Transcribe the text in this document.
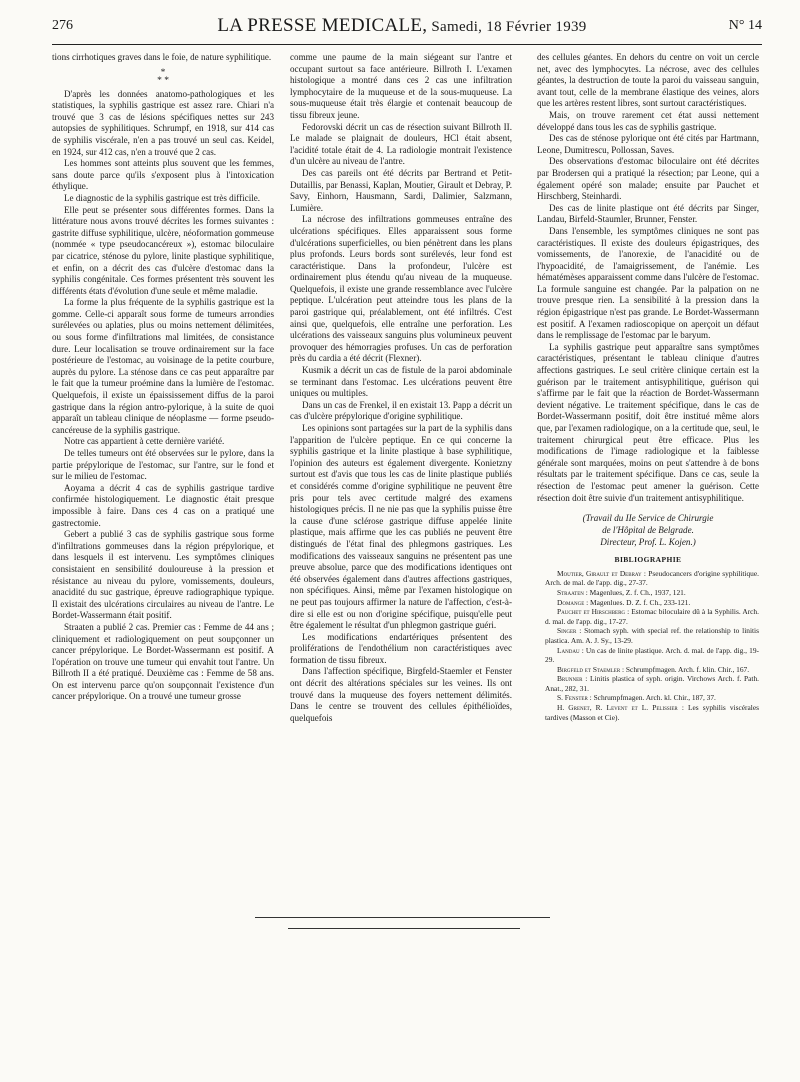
276	LA PRESSE MEDICALE, Samedi, 18 Février 1939	N° 14

tions cirrhotiques graves dans le foie, de nature syphilitique.

*
* *

D'après les données anatomo-pathologiques et les statistiques, la syphilis gastrique est assez rare. Chiari n'a trouvé que 3 cas de lésions spécifiques nettes sur 243 autopsies de syphilitiques. Schrumpf, en 1918, sur 414 cas de syphilis viscérale, n'en a pas trouvé un seul cas. Keidel, en 1924, sur 412 cas, n'en a trouvé que 2 cas.

Les hommes sont atteints plus souvent que les femmes, sans doute parce qu'ils s'exposent plus à l'intoxication éthylique.

Le diagnostic de la syphilis gastrique est très difficile.

Elle peut se présenter sous différentes formes. Dans la littérature nous avons trouvé décrites les formes suivantes : gastrite diffuse syphilitique, ulcère, néoformation gommeuse (nommée « type pseudocancéreux »), estomac biloculaire par cicatrice, sténose du pylore, linite plastique syphilitique, et enfin, on a décrit des cas d'ulcère d'estomac dans la syphilis congénitale. Ces formes présentent très souvent les différents états d'évolution d'une seule et même maladie.

La forme la plus fréquente de la syphilis gastrique est la gomme. Celle-ci apparaît sous forme de tumeurs arrondies surélevées ou aplaties, plus ou moins nettement délimitées, ou sous forme d'infiltrations mal limitées, de consistance dure. Leur localisation se trouve ordinairement sur la face postérieure de l'estomac, au voisinage de la petite courbure, auprès du pylore. La sténose dans ce cas peut apparaître par le fait que la tumeur proémine dans la lumière de l'estomac. Quelquefois, il existe un épaississement diffus de la paroi gastrique dans la région antro-pylorique, à la suite de quoi apparaît un tableau clinique de néoplasme — forme pseudo-cancéreuse de la syphilis gastrique.

Notre cas appartient à cette dernière variété.

De telles tumeurs ont été observées sur le pylore, dans la partie prépylorique de l'estomac, sur l'antre, sur le fond et sur le milieu de l'estomac.

Aoyama a décrit 4 cas de syphilis gastrique tardive confirmée histologiquement. Le diagnostic était presque impossible à faire. Dans ces 4 cas on a pratiqué une gastrectomie.

Gebert a publié 3 cas de syphilis gastrique sous forme d'infiltrations gommeuses dans la région prépylorique, et dans lesquels il est intervenu. Les symptômes cliniques consistaient en sensibilité douloureuse à la pression et résistance au niveau du pylore, vomissements, douleurs, anacidité du suc gastrique, épreuve radiographique typique. Il existait des ulcérations circulaires au niveau de l'antre. Le Bordet-Wassermann était positif.

Straaten a publié 2 cas. Premier cas : Femme de 44 ans ; cliniquement et radiologiquement on peut soupçonner un cancer prépylorique. Le Bordet-Wassermann est positif. A l'opération on trouve une tumeur qui envahit tout l'antre. Un Billroth II a été pratiqué. Deuxième cas : Femme de 58 ans. On est intervenu parce qu'on soupçonnait l'existence d'un cancer prépylorique. On a trouvé une tumeur grosse

comme une paume de la main siégeant sur l'antre et occupant surtout sa face antérieure. Billroth I. L'examen histologique a montré dans ces 2 cas une infiltration lymphocytaire de la muqueuse et de la sous-muqueuse. La sous-muqueuse était très élargie et contenait beaucoup de tissu fibreux jeune.

Fedorovski décrit un cas de résection suivant Billroth II. Le malade se plaignait de douleurs, HCl était absent, l'acidité totale était de 4. La radiologie montrait l'existence d'un ulcère au niveau de l'antre.

Des cas pareils ont été décrits par Bertrand et Petit-Dutaillis, par Benassi, Kaplan, Moutier, Girault et Debray, P. Savy, Einhorn, Hausmann, Sardi, Dalimier, Salzmann, Lumière.

La nécrose des infiltrations gommeuses entraîne des ulcérations spécifiques. Elles apparaissent sous forme d'ulcérations superficielles, ou bien pénètrent dans les plans plus profonds. Leurs bords sont surélevés, leur fond est caractéristique. Dans la profondeur, l'ulcère est ordinairement plus étendu qu'au niveau de la muqueuse. Quelquefois, il existe une grande ressemblance avec l'ulcère peptique. L'ulcération peut atteindre tous les plans de la paroi gastrique qui, préalablement, ont été infiltrés. C'est ainsi que, quelquefois, elle entraîne une perforation. Les ulcérations des vaisseaux sanguins plus volumineux peuvent provoquer des hémorragies profuses. Un cas de perforation près du cardia a été décrit (Flexner).

Kusmik a décrit un cas de fistule de la paroi abdominale se terminant dans l'estomac. Les ulcérations peuvent être uniques ou multiples.

Dans un cas de Frenkel, il en existait 13. Papp a décrit un cas d'ulcère prépylorique d'origine syphilitique.

Les opinions sont partagées sur la part de la syphilis dans l'apparition de l'ulcère peptique. En ce qui concerne la syphilis gastrique et la linite plastique à base syphilitique, l'opinion des auteurs est également divergente. Konietzny surtout est d'avis que tous les cas de linite plastique publiés et considérés comme d'origine syphilitique ne peuvent être pris pour tels avec certitude malgré des examens histologiques précis. Il ne nie pas que la syphilis puisse être la cause d'une sclérose gastrique diffuse appelée linite plastique, mais affirme que les cas publiés ne peuvent être distingués de l'état final des phlegmons gastriques. Les modifications des vaisseaux sanguins ne présentent pas une preuve absolue, parce que des modifications identiques ont été observées également dans d'autres affections gastriques, non spécifiques. Ainsi, même par l'examen histologique on ne peut pas toujours affirmer la nature de l'affection, c'est-à-dire si elle est ou non d'origine spécifique, puisqu'elle peut être également le résultat d'un phlegmon gastrique guéri.

Les modifications endartériques présentent des proliférations de l'endothélium non caractéristiques avec formation de tissu fibreux.

Dans l'affection spécifique, Birgfeld-Staemler et Fenster ont décrit des altérations spéciales sur les veines. Ils ont trouvé dans la muqueuse des foyers nettement délimités. Dans le centre se trouvent des cellules épithélioïdes, quelquefois

des cellules géantes. En dehors du centre on voit un cercle net, avec des lymphocytes. La nécrose, avec des cellules géantes, la destruction de toute la paroi du vaisseau sanguin, avant tout, celle de la membrane élastique des veines, alors que les artères restent libres, sont surtout caractéristiques.

Mais, on trouve rarement cet état aussi nettement développé dans tous les cas de syphilis gastrique.

Des cas de sténose pylorique ont été cités par Hartmann, Leone, Dumitrescu, Pollossan, Saves.

Des observations d'estomac biloculaire ont été décrites par Brodersen qui a pratiqué la résection; par Leone, qui a également opéré son malade; ensuite par Pauchet et Hirschberg, Steinhardi.

Des cas de linite plastique ont été décrits par Singer, Landau, Birfeld-Staumler, Brunner, Fenster.

Dans l'ensemble, les symptômes cliniques ne sont pas caractéristiques. Il existe des douleurs épigastriques, des vomissements, de l'anorexie, de l'anacidité ou de l'hypoacidité, de l'amaigrissement, de l'anémie. Les hématémèses apparaissent comme dans l'ulcère de l'estomac. La formule sanguine est changée. Par la palpation on ne trouve presque rien. La sensibilité à la pression dans la région épigastrique n'est pas grande. Le Bordet-Wassermann est positif. A l'examen radioscopique on aperçoit un défaut dans le remplissage de l'estomac par le baryum.

La syphilis gastrique peut apparaître sans symptômes caractéristiques, présentant le tableau clinique d'autres affections gastriques. Le seul critère clinique certain est la guérison par le traitement antisyphilitique, guérison qui s'affirme par le fait que la réaction de Bordet-Wassermann devient négative. Le traitement spécifique, dans le cas de Bordet-Wassermann positif, doit être institué même alors que, par l'examen radiologique, on a la certitude que, seul, le traitement chirurgical peut être efficace. Plus les modifications de l'image radiologique et la faiblesse générale sont marquées, moins on peut s'attendre à de bons résultats par le traitement spécifique. Dans ce cas, seule la résection de l'estomac peut amener la guérison. Cette résection doit être suivie d'un traitement antisyphilitique.

(Travail du IIe Service de Chirurgie
de l'Hôpital de Belgrade.
Directeur, Prof. L. Kojen.)
BIBLIOGRAPHIE

Moutier, Girault et Debray : Pseudocancers d'origine syphilitique. Arch. de mal. de l'app. dig., 27-37.

Straaten : Magenlues, Z. f. Ch., 1937, 121.

Domange : Magenlues. D. Z. f. Ch., 233-121.

Pauchet et Hirschberg : Estomac biloculaire dû à la Syphilis. Arch. d. mal. de l'app. dig., 17-27.

Singer : Stomach syph. with special ref. the relationship to linitis plastica. Am. A. J. Sy., 13-29.

Landau : Un cas de linite plastique. Arch. d. mal. de l'app. dig., 19-29.

Birgfeld et Staemler : Schrumpfmagen. Arch. f. klin. Chir., 167.

Brunner : Linitis plastica of syph. origin. Virchows Arch. f. Path. Anat., 282, 31.

S. Fenster : Schrumpfmagen. Arch. kl. Chir., 187, 37.

H. Grenet, R. Levent et L. Pelissier : Les syphilis viscérales tardives (Masson et Cie).
